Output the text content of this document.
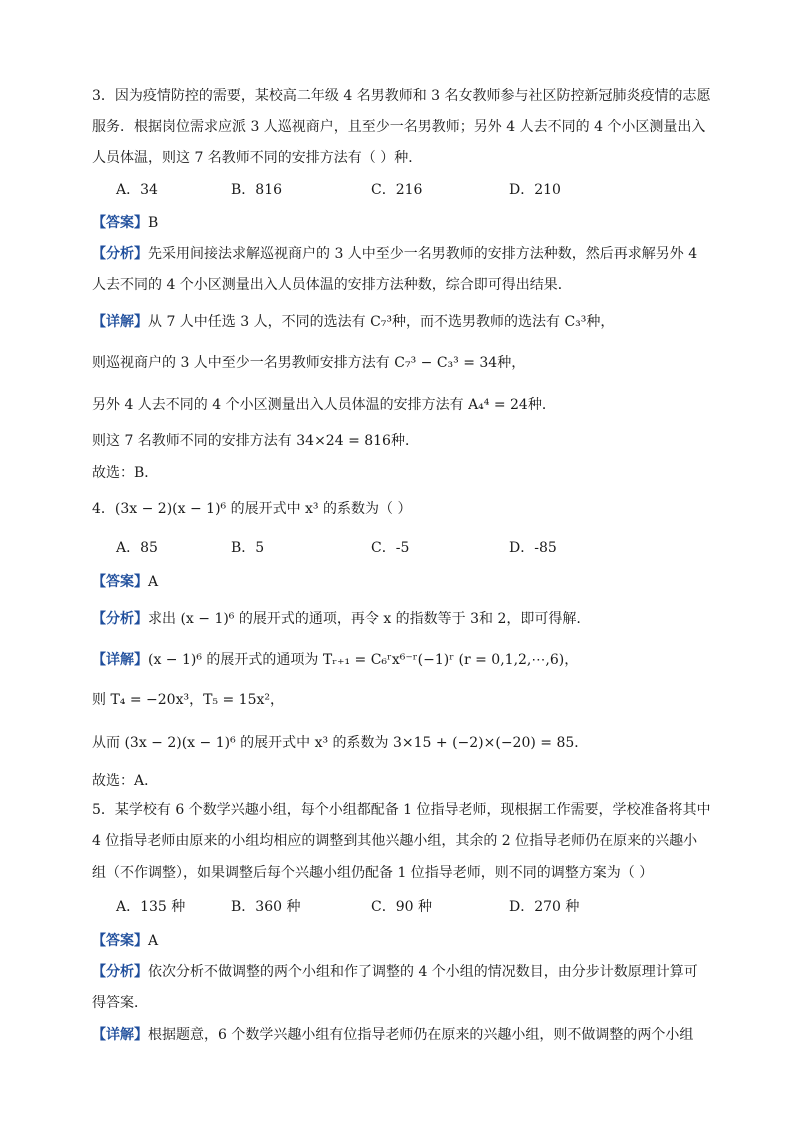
3．因为疫情防控的需要，某校高二年级 4 名男教师和 3 名女教师参与社区防控新冠肺炎疫情的志愿
服务．根据岗位需求应派 3 人巡视商户，且至少一名男教师；另外 4 人去不同的 4 个小区测量出入
人员体温，则这 7 名教师不同的安排方法有（ ）种．
A．34	B．816	C．216	D．210
【答案】B
【分析】先采用间接法求解巡视商户的 3 人中至少一名男教师的安排方法种数，然后再求解另外 4
人去不同的 4 个小区测量出入人员体温的安排方法种数，综合即可得出结果．
【详解】从 7 人中任选 3 人，不同的选法有 C₇³种，而不选男教师的选法有 C₃³种，
则巡视商户的 3 人中至少一名男教师安排方法有 C₇³ − C₃³ = 34种，
另外 4 人去不同的 4 个小区测量出入人员体温的安排方法有 A₄⁴ = 24种．
则这 7 名教师不同的安排方法有 34×24 = 816种．
故选：B．
4．(3x − 2)(x − 1)⁶ 的展开式中 x³ 的系数为（ ）
A．85	B．5	C．-5	D．-85
【答案】A
【分析】求出 (x − 1)⁶ 的展开式的通项，再令 x 的指数等于 3和 2，即可得解.
【详解】(x − 1)⁶ 的展开式的通项为 Tᵣ₊₁ = C₆ʳx⁶⁻ʳ(−1)ʳ (r = 0,1,2,⋯,6)，
则 T₄ = −20x³，T₅ = 15x²，
从而 (3x − 2)(x − 1)⁶ 的展开式中 x³ 的系数为 3×15 + (−2)×(−20) = 85．
故选：A．
5．某学校有 6 个数学兴趣小组，每个小组都配备 1 位指导老师，现根据工作需要，学校准备将其中
4 位指导老师由原来的小组均相应的调整到其他兴趣小组，其余的 2 位指导老师仍在原来的兴趣小
组（不作调整），如果调整后每个兴趣小组仍配备 1 位指导老师，则不同的调整方案为（ ）
A．135 种	B．360 种	C．90 种	D．270 种
【答案】A
【分析】依次分析不做调整的两个小组和作了调整的 4 个小组的情况数目，由分步计数原理计算可
得答案．
【详解】根据题意，6 个数学兴趣小组有位指导老师仍在原来的兴趣小组，则不做调整的两个小组
